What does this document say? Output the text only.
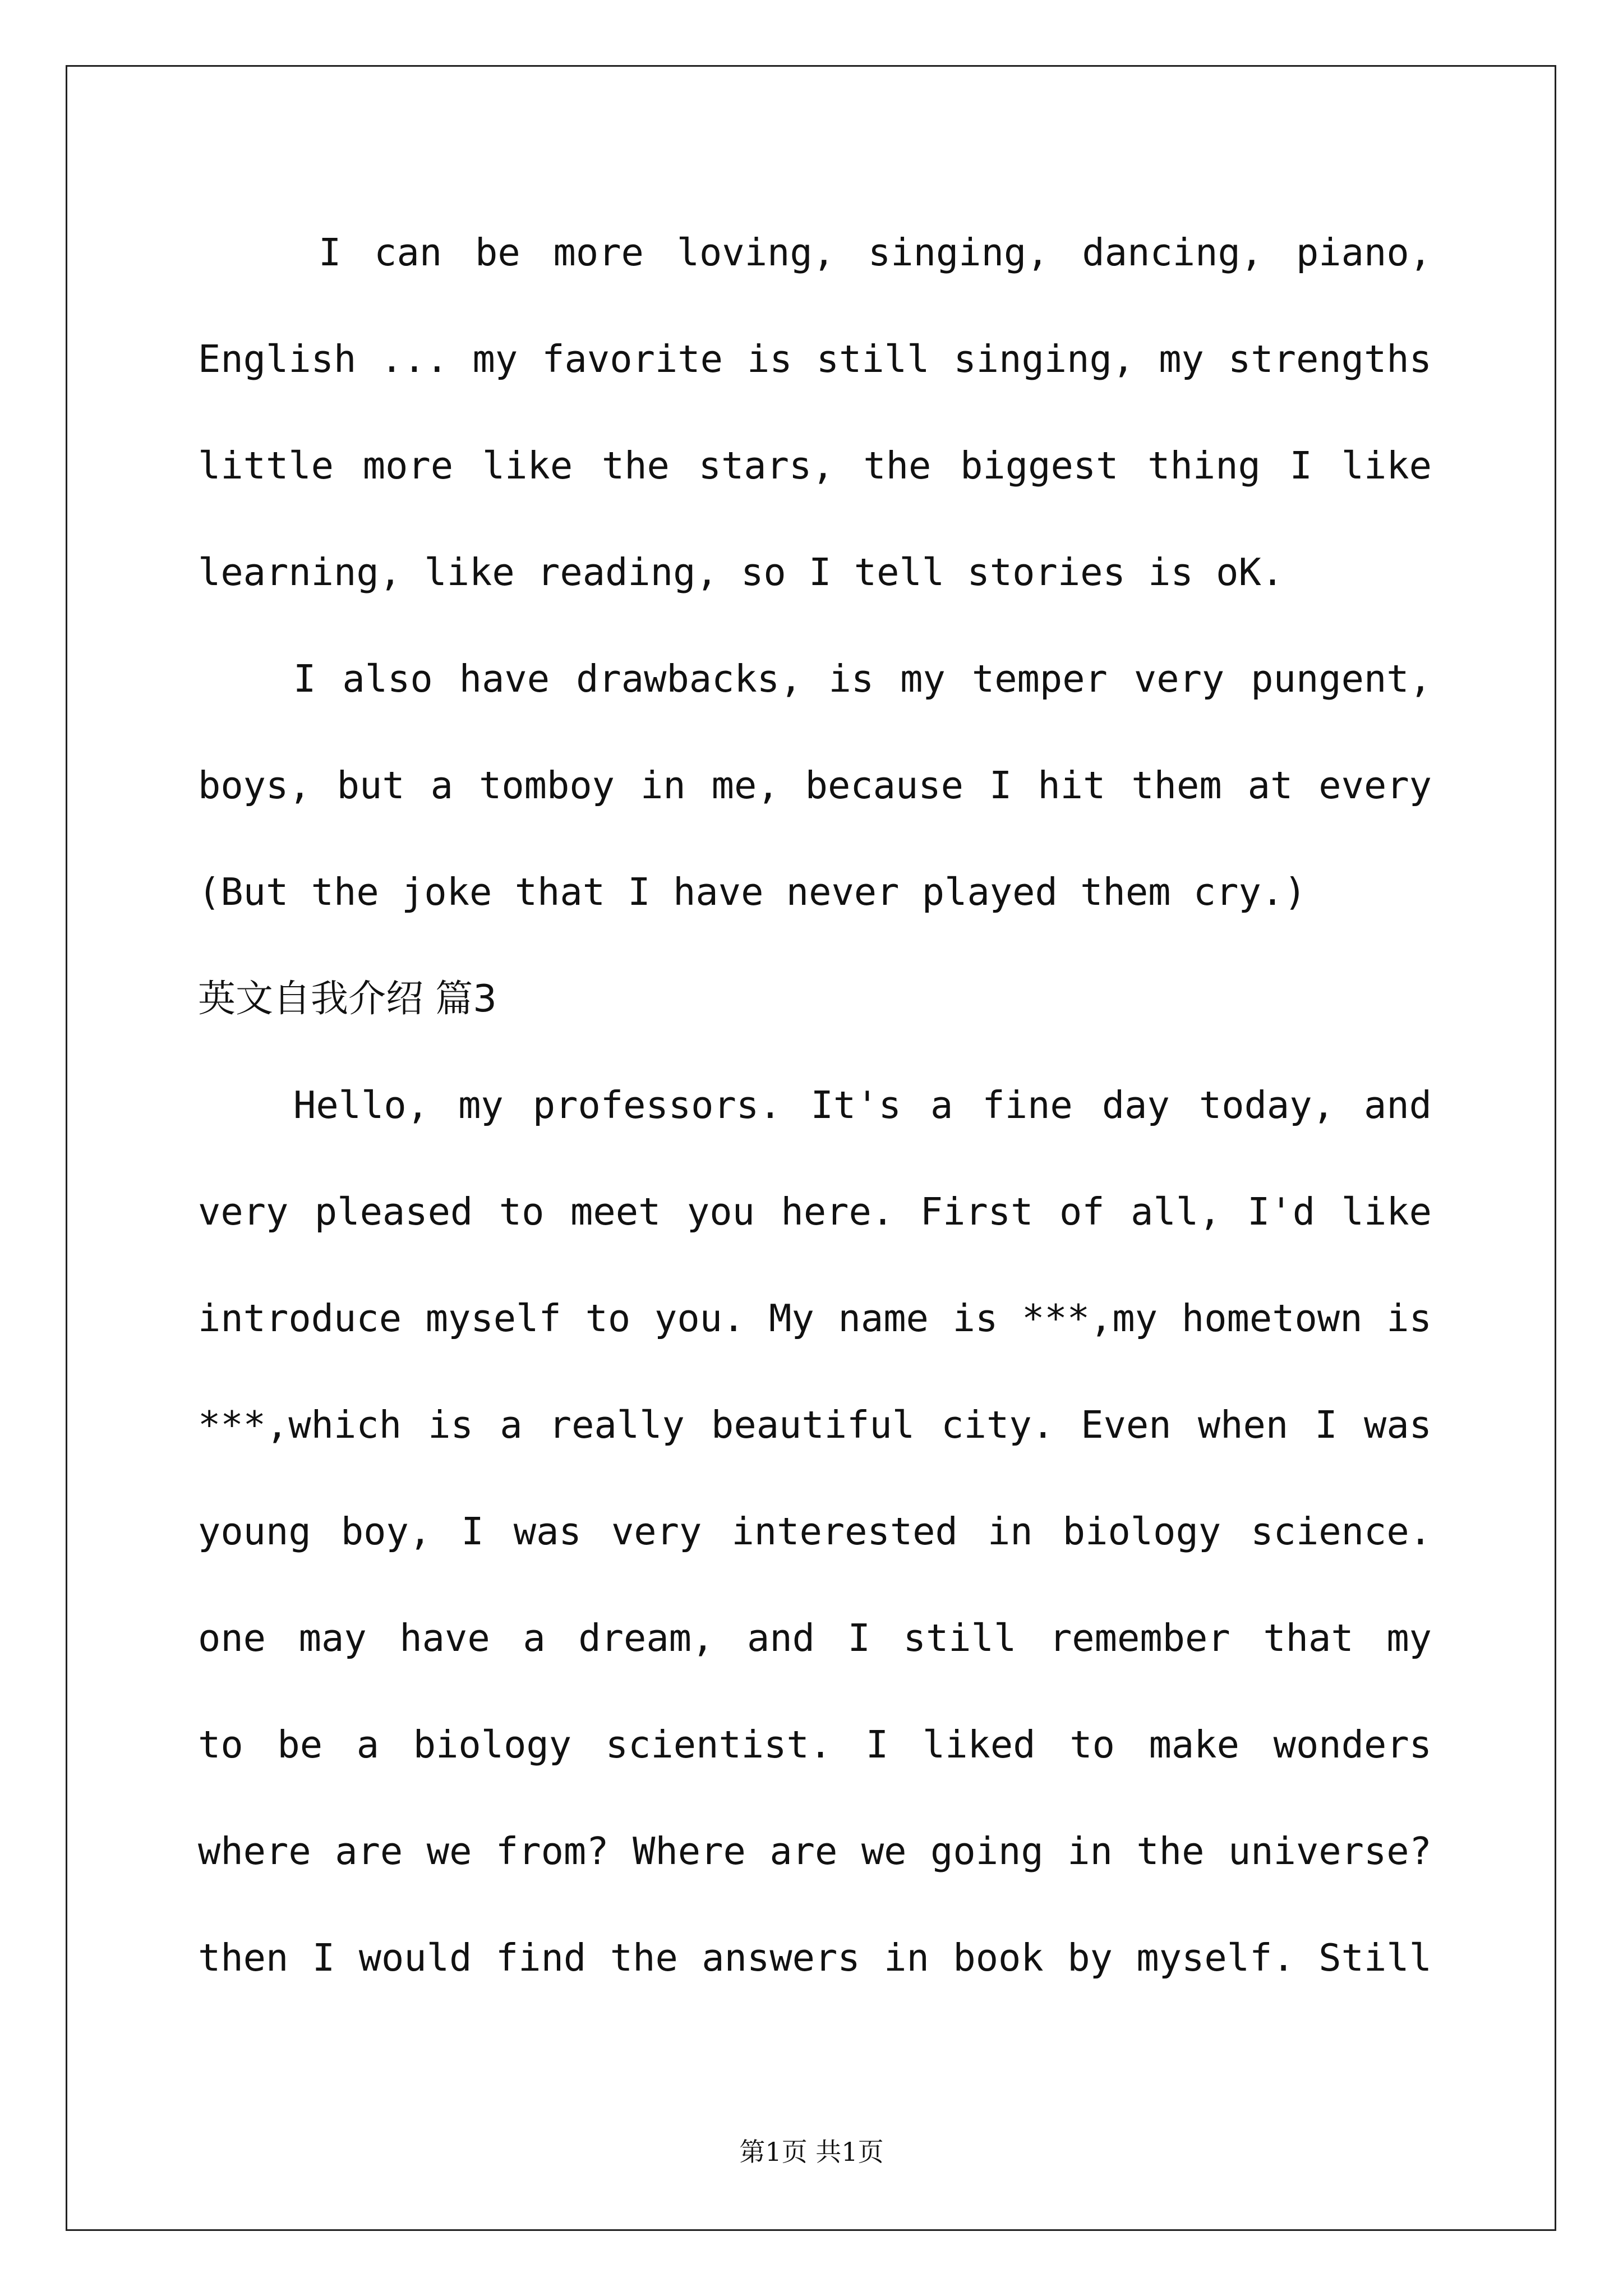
I can be more loving, singing, dancing, piano,
English ... my favorite is still singing, my strengths
little more like the stars, the biggest thing I like
learning, like reading, so I tell stories is oK.
I also have drawbacks, is my temper very pungent,
boys, but a tomboy in me, because I hit them at every
(But the joke that I have never played them cry.)
英文自我介绍 篇3
Hello, my professors. It's a fine day today, and
very pleased to meet you here. First of all, I'd like
introduce myself to you. My name is ***,my hometown is
***,which is a really beautiful city. Even when I was
young boy, I was very interested in biology science.
one may have a dream, and I still remember that my
to be a biology scientist. I liked to make wonders
where are we from? Where are we going in the universe?
then I would find the answers in book by myself. Still
第1页 共1页
